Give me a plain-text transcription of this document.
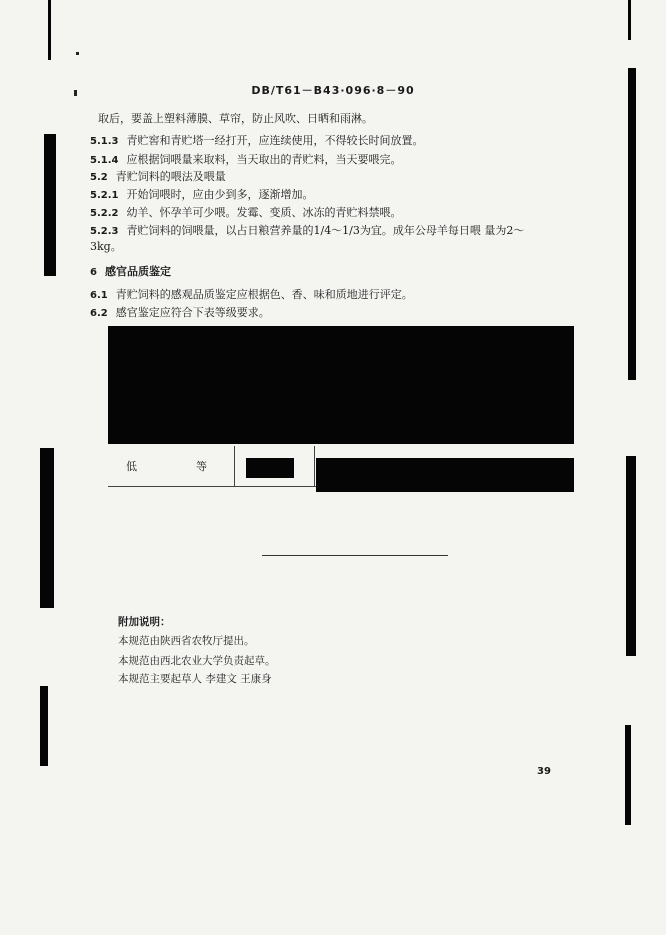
DB/T61－B43·096·8－90
取后，要盖上塑料薄膜、草帘，防止风吹、日晒和雨淋。
5.1.3 青贮窖和青贮塔一经打开，应连续使用，不得较长时间放置。
5.1.4 应根据饲喂量来取料，当天取出的青贮料，当天要喂完。
5.2 青贮饲料的喂法及喂量
5.2.1 开始饲喂时，应由少到多，逐渐增加。
5.2.2 幼羊、怀孕羊可少喂。发霉、变质、冰冻的青贮料禁喂。
5.2.3 青贮饲料的饲喂量，以占日粮营养量的1/4～1/3为宜。成年公母羊每日喂 量为2～
3kg。
6 感官品质鉴定
6.1 青贮饲料的感观品质鉴定应根据色、香、味和质地进行评定。
6.2 感官鉴定应符合下表等级要求。
低	等
附加说明：
本规范由陕西省农牧厅提出。
本规范由西北农业大学负责起草。
本规范主要起草人 李建文 王康身
39
